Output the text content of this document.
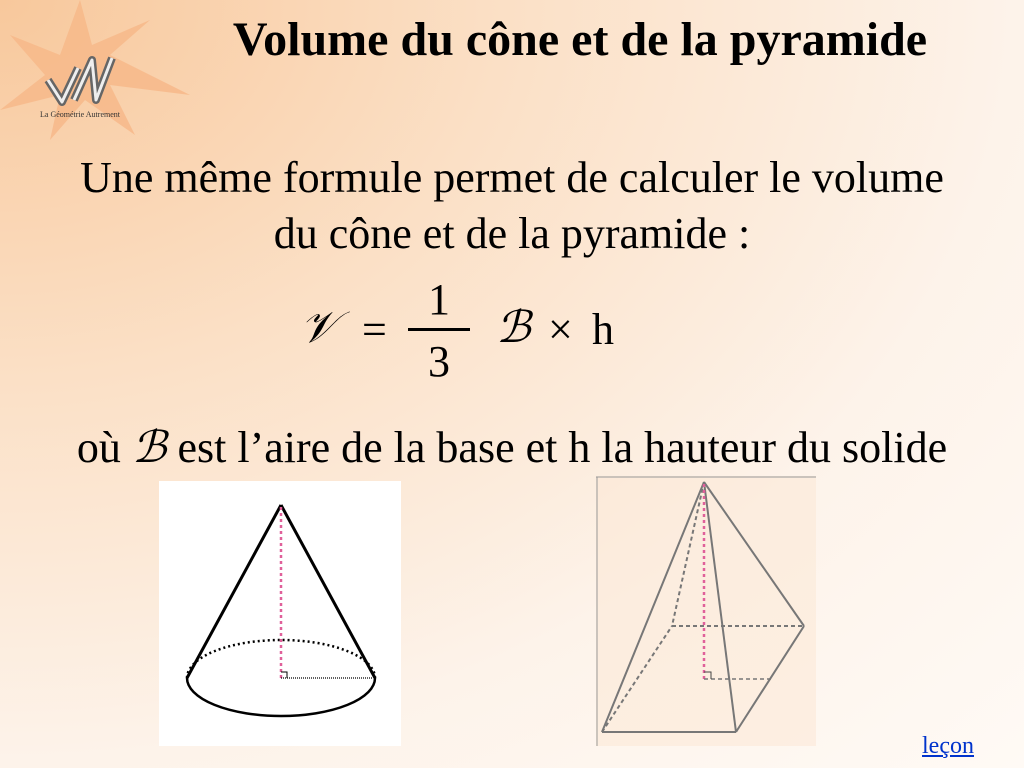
La Géométrie Autrement
Volume du cône et de la pyramide
Une même formule permet de calculer le volume
du cône et de la pyramide :
𝒱 =
1
3
ℬ × h
où ℬ est l’aire de la base et h la hauteur du solide
leçon
